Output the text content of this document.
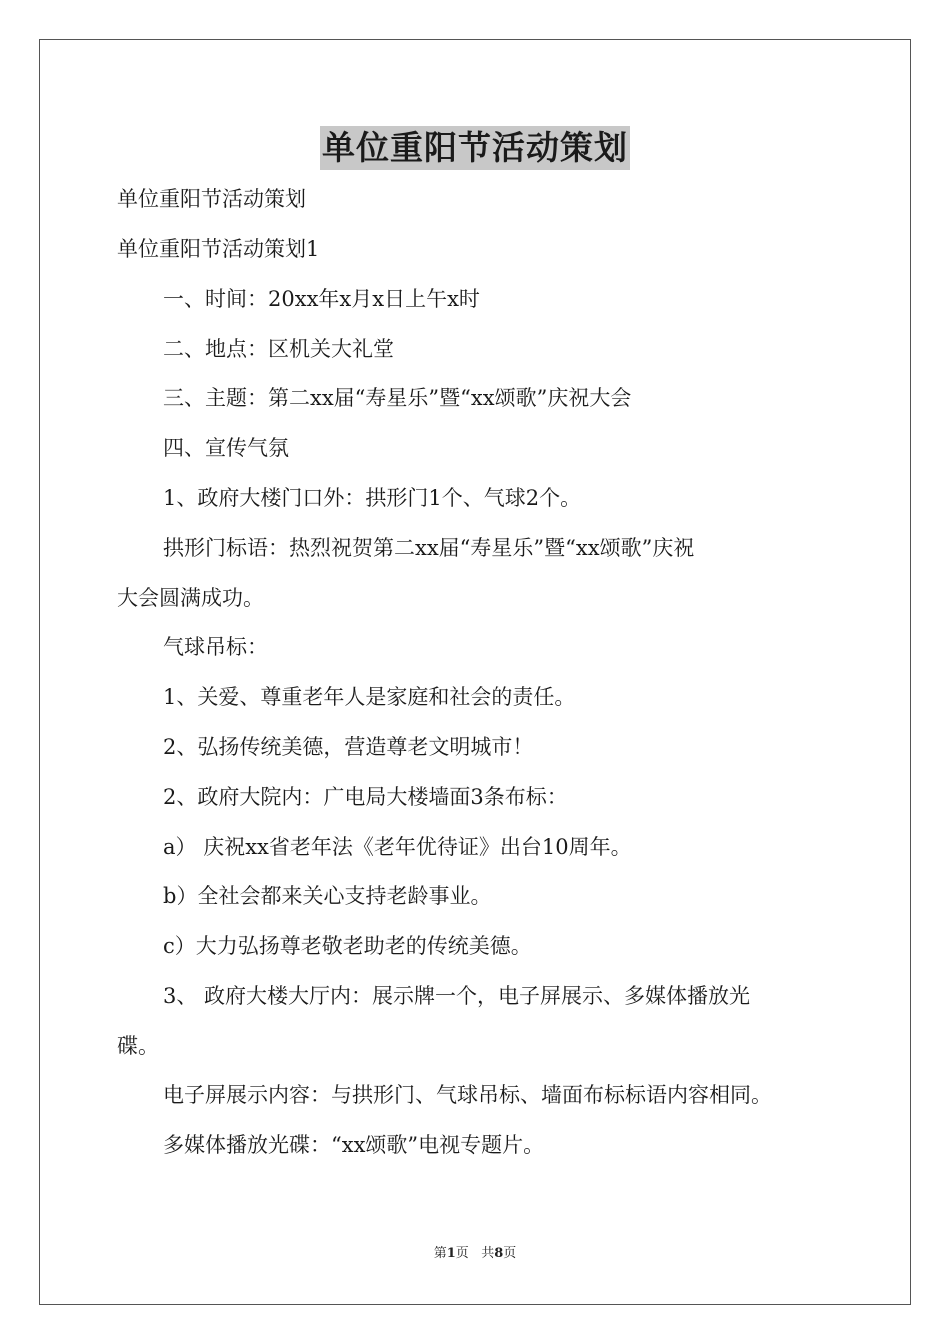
单位重阳节活动策划
单位重阳节活动策划
单位重阳节活动策划1
一、时间：20xx年x月x日上午x时
二、地点：区机关大礼堂
三、主题：第二xx届“寿星乐”暨“xx颂歌”庆祝大会
四、宣传气氛
1、政府大楼门口外：拱形门1个、气球2个。
拱形门标语：热烈祝贺第二xx届“寿星乐”暨“xx颂歌”庆祝
大会圆满成功。
气球吊标：
1、关爱、尊重老年人是家庭和社会的责任。
2、弘扬传统美德，营造尊老文明城市！
2、政府大院内：广电局大楼墙面3条布标：
a） 庆祝xx省老年法《老年优待证》出台10周年。
b）全社会都来关心支持老龄事业。
c）大力弘扬尊老敬老助老的传统美德。
3、 政府大楼大厅内：展示牌一个，电子屏展示、多媒体播放光
碟。
电子屏展示内容：与拱形门、气球吊标、墙面布标标语内容相同。
多媒体播放光碟：“xx颂歌”电视专题片。
第1页   共8页
